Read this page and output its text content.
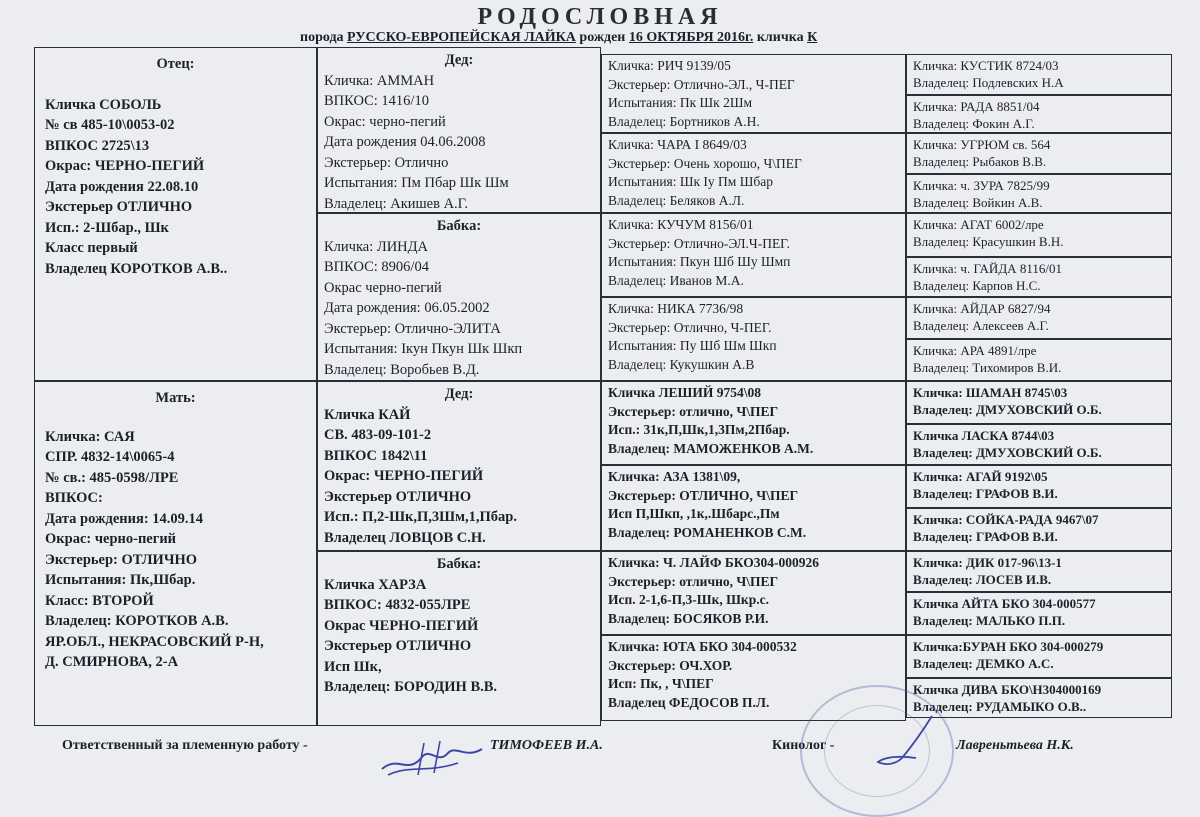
РОДОСЛОВНАЯ
порода РУССКО-ЕВРОПЕЙСКАЯ ЛАЙКА рожден 16 ОКТЯБРЯ 2016г. кличка К
Отец:
Кличка СОБОЛЬ
№ св 485-10\0053-02
ВПКОС 2725\13
Окрас: ЧЕРНО-ПЕГИЙ
Дата рождения 22.08.10
Экстерьер ОТЛИЧНО
Исп.: 2-Шбар., Шк
Класс первый
Владелец КОРОТКОВ А.В..
Мать:
Кличка: САЯ
СПР. 4832-14\0065-4
№ св.: 485-0598/ЛРЕ
ВПКОС:
Дата рождения: 14.09.14
Окрас: черно-пегий
Экстерьер: ОТЛИЧНО
Испытания: Пк,Шбар.
Класс: ВТОРОЙ
Владелец: КОРОТКОВ А.В.
ЯР.ОБЛ., НЕКРАСОВСКИЙ Р-Н,
Д. СМИРНОВА, 2-А
Дед:
Кличка: АММАН
ВПКОС: 1416/10
Окрас: черно-пегий
Дата рождения 04.06.2008
Экстерьер: Отлично
Испытания: Пм Пбар Шк Шм
Владелец: Акишев А.Г.
Бабка:
Кличка: ЛИНДА
ВПКОС: 8906/04
Окрас черно-пегий
Дата рождения: 06.05.2002
Экстерьер: Отлично-ЭЛИТА
Испытания: Iкун Пкун Шк Шкп
Владелец: Воробьев В.Д.
Дед:
Кличка КАЙ
СВ. 483-09-101-2
ВПКОС 1842\11
Окрас: ЧЕРНО-ПЕГИЙ
Экстерьер ОТЛИЧНО
Исп.: П,2-Шк,П,3Шм,1,Пбар.
Владелец ЛОВЦОВ С.Н.
Бабка:
Кличка ХАРЗА
ВПКОС: 4832-055ЛРЕ
Окрас ЧЕРНО-ПЕГИЙ
Экстерьер ОТЛИЧНО
Исп Шк,
Владелец: БОРОДИН В.В.
Кличка: РИЧ 9139/05
Экстерьер: Отлично-ЭЛ., Ч-ПЕГ
Испытания: Пк Шк 2Шм
Владелец: Бортников А.Н.
Кличка: ЧАРА I 8649/03
Экстерьер: Очень хорошо, Ч\ПЕГ
Испытания: Шк Iу Пм Шбар
Владелец: Беляков А.Л.
Кличка: КУЧУМ 8156/01
Экстерьер: Отлично-ЭЛ.Ч-ПЕГ.
Испытания: Пкун Шб Шу Шмп
Владелец: Иванов М.А.
Кличка: НИКА 7736/98
Экстерьер: Отлично, Ч-ПЕГ.
Испытания: Пу Шб Шм Шкп
Владелец: Кукушкин А.В
Кличка ЛЕШИЙ 9754\08
Экстерьер: отлично, Ч\ПЕГ
Исп.: 31к,П,Шк,1,3Пм,2Пбар.
Владелец: МАМОЖЕНКОВ А.М.
Кличка: АЗА 1381\09,
Экстерьер: ОТЛИЧНО, Ч\ПЕГ
Исп П,Шкп, ,1к,.Шбарс.,Пм
Владелец: РОМАНЕНКОВ С.М.
Кличка: Ч. ЛАЙФ БКО304-000926
Экстерьер: отлично, Ч\ПЕГ
Исп. 2-1,6-П,3-Шк, Шкр.с.
Владелец: БОСЯКОВ Р.И.
Кличка: ЮТА БКО 304-000532
Экстерьер: ОЧ.ХОР.
Исп: Пк, , Ч\ПЕГ
Владелец ФЕДОСОВ П.Л.
Кличка: КУСТИК 8724/03
Владелец: Подлевских Н.А
Кличка: РАДА 8851/04
Владелец: Фокин А.Г.
Кличка: УГРЮМ св. 564
Владелец: Рыбаков В.В.
Кличка: ч. ЗУРА 7825/99
Владелец: Войкин А.В.
Кличка: АГАТ 6002/лре
Владелец: Красушкин В.Н.
Кличка: ч. ГАЙДА 8116/01
Владелец: Карпов Н.С.
Кличка: АЙДАР 6827/94
Владелец: Алексеев А.Г.
Кличка: АРА 4891/лре
Владелец: Тихомиров В.И.
Кличка: ШАМАН 8745\03
Владелец: ДМУХОВСКИЙ О.Б.
Кличка ЛАСКА 8744\03
Владелец: ДМУХОВСКИЙ О.Б.
Кличка: АГАЙ 9192\05
Владелец: ГРАФОВ В.И.
Кличка: СОЙКА-РАДА 9467\07
Владелец: ГРАФОВ В.И.
Кличка: ДИК 017-96\13-1
Владелец: ЛОСЕВ И.В.
Кличка АЙТА БКО 304-000577
Владелец: МАЛЬКО П.П.
Кличка:БУРАН БКО 304-000279
Владелец: ДЕМКО А.С.
Кличка ДИВА БКО\Н304000169
Владелец: РУДАМЫКО О.В..
Ответственный за племенную работу -	ТИМОФЕЕВ И.А.	Кинолог -	Лавреньтьева Н.К.
